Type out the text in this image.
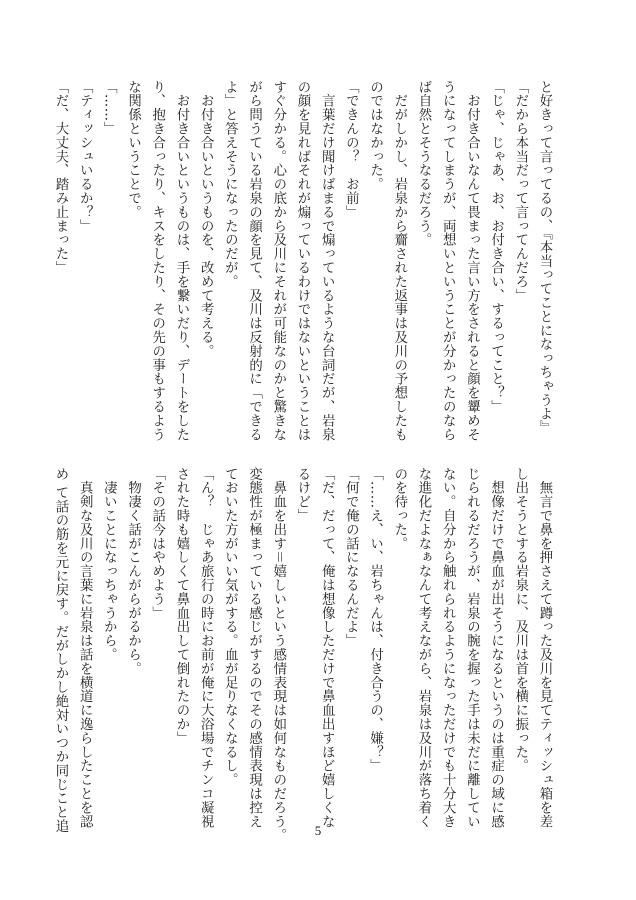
と好きって言ってるの、『本当ってことになっちゃうよ』

「だから本当だって言ってんだろ」

「じゃ、じゃあ、お、お付き合い、するってこと？」

　お付き合いなんて畏まった言い方をされると顔を顰めそ

うになってしまうが、両想いということが分かったのなら

ば自然とそうなるだろう。

　だがしかし、岩泉から齎された返事は及川の予想したも

のではなかった。

「できんの？　お前」

　言葉だけ聞けばまるで煽っているような台詞だが、岩泉

の顔を見ればそれが煽っているわけではないということは

すぐ分かる。心の底から及川にそれが可能なのかと驚きな

がら問うている岩泉の顔を見て、及川は反射的に「できる

よ」と答えそうになったのだが。

　お付き合いというものを、改めて考える。

　お付き合いというものは、手を繋いだり、デートをした

り、抱き合ったり、キスをしたり、その先の事もするよう

な関係ということで。

「……」

「ティッシュいるか？」

「だ、大丈夫、踏み止まった」

　無言で鼻を押さえて蹲った及川を見てティッシュ箱を差

し出そうとする岩泉に、及川は首を横に振った。

　想像だけで鼻血が出そうになるというのは重症の域に感

じられるだろうが、岩泉の腕を握った手は未だに離してい

ない。自分から触れられるようになっただけでも十分大き

な進化だよなぁなんて考えながら、岩泉は及川が落ち着く

のを待った。

「……え、い、岩ちゃんは、付き合うの、嫌？」

「何で俺の話になるんだよ」

「だ、だって、俺は想像しただけで鼻血出すほど嬉しくな

るけど」

　鼻血を出す＝嬉しいという感情表現は如何なものだろう。

変態性が極まっている感じがするのでその感情表現は控え

ておいた方がいい気がする。血が足りなくなるし。

「ん？　じゃあ旅行の時にお前が俺に大浴場でチンコ凝視

された時も嬉しくて鼻血出して倒れたのか」

「その話今はやめよう」

　物凄く話がこんがらがるから。

　凄いことになっちゃうから。

　真剣な及川の言葉に岩泉は話を横道に逸らしたことを認

め て話の筋を元に戻す。だがしかし絶対いつか同じこと追	5
